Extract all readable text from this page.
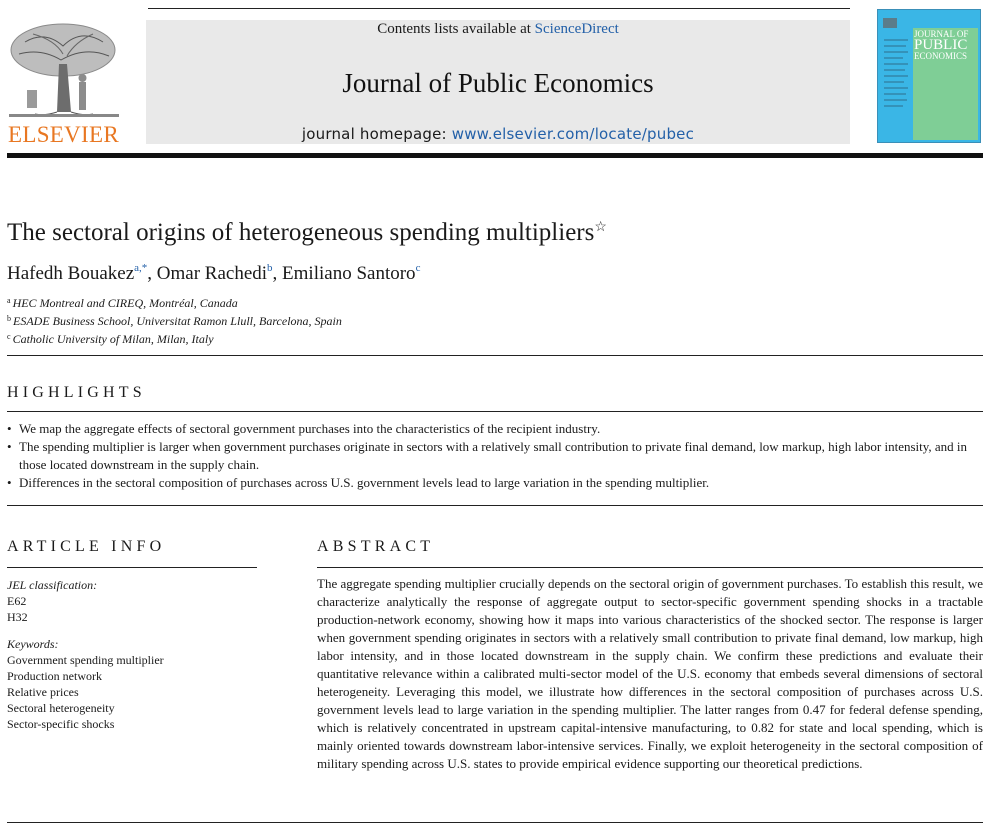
ELSEVIER
Contents lists available at ScienceDirect
Journal of Public Economics
journal homepage: www.elsevier.com/locate/pubec
JOURNAL OF
PUBLIC
ECONOMICS
The sectoral origins of heterogeneous spending multipliers☆
Hafedh Bouakez$^{a,*}$, Omar Rachedi$^b$, Emiliano Santoro$^c$
$^a$ HEC Montreal and CIREQ, Montréal, Canada
$^b$ ESADE Business School, Universitat Ramon Llull, Barcelona, Spain
$^c$ Catholic University of Milan, Milan, Italy
HIGHLIGHTS
• We map the aggregate effects of sectoral government purchases into the characteristics of the recipient industry.
• The spending multiplier is larger when government purchases originate in sectors with a relatively small contribution to private final demand, low markup, high labor intensity, and in those located downstream in the supply chain.
• Differences in the sectoral composition of purchases across U.S. government levels lead to large variation in the spending multiplier.
ARTICLE INFO
JEL classification:
E62
H32
Keywords:
Government spending multiplier
Production network
Relative prices
Sectoral heterogeneity
Sector-specific shocks
ABSTRACT

The aggregate spending multiplier crucially depends on the sectoral origin of government purchases. To establish this result, we characterize analytically the response of aggregate output to sector-specific government spending shocks in a tractable production-network economy, showing how it maps into various characteristics of the shocked sector. The response is larger when government spending originates in sectors with a relatively small contribution to private final demand, low markup, high labor intensity, and in those located downstream in the supply chain. We confirm these predictions and evaluate their quantitative relevance within a calibrated multi-sector model of the U.S. economy that embeds several dimensions of sectoral heterogeneity. Leveraging this model, we illustrate how differences in the sectoral composition of purchases across U.S. government levels lead to large variation in the spending multiplier. The latter ranges from 0.47 for federal defense spending, which is relatively concentrated in upstream capital-intensive manufacturing, to 0.82 for state and local spending, which is mainly oriented towards downstream labor-intensive services. Finally, we exploit heterogeneity in the sectoral composition of military spending across U.S. states to provide empirical evidence supporting our theoretical predictions.
